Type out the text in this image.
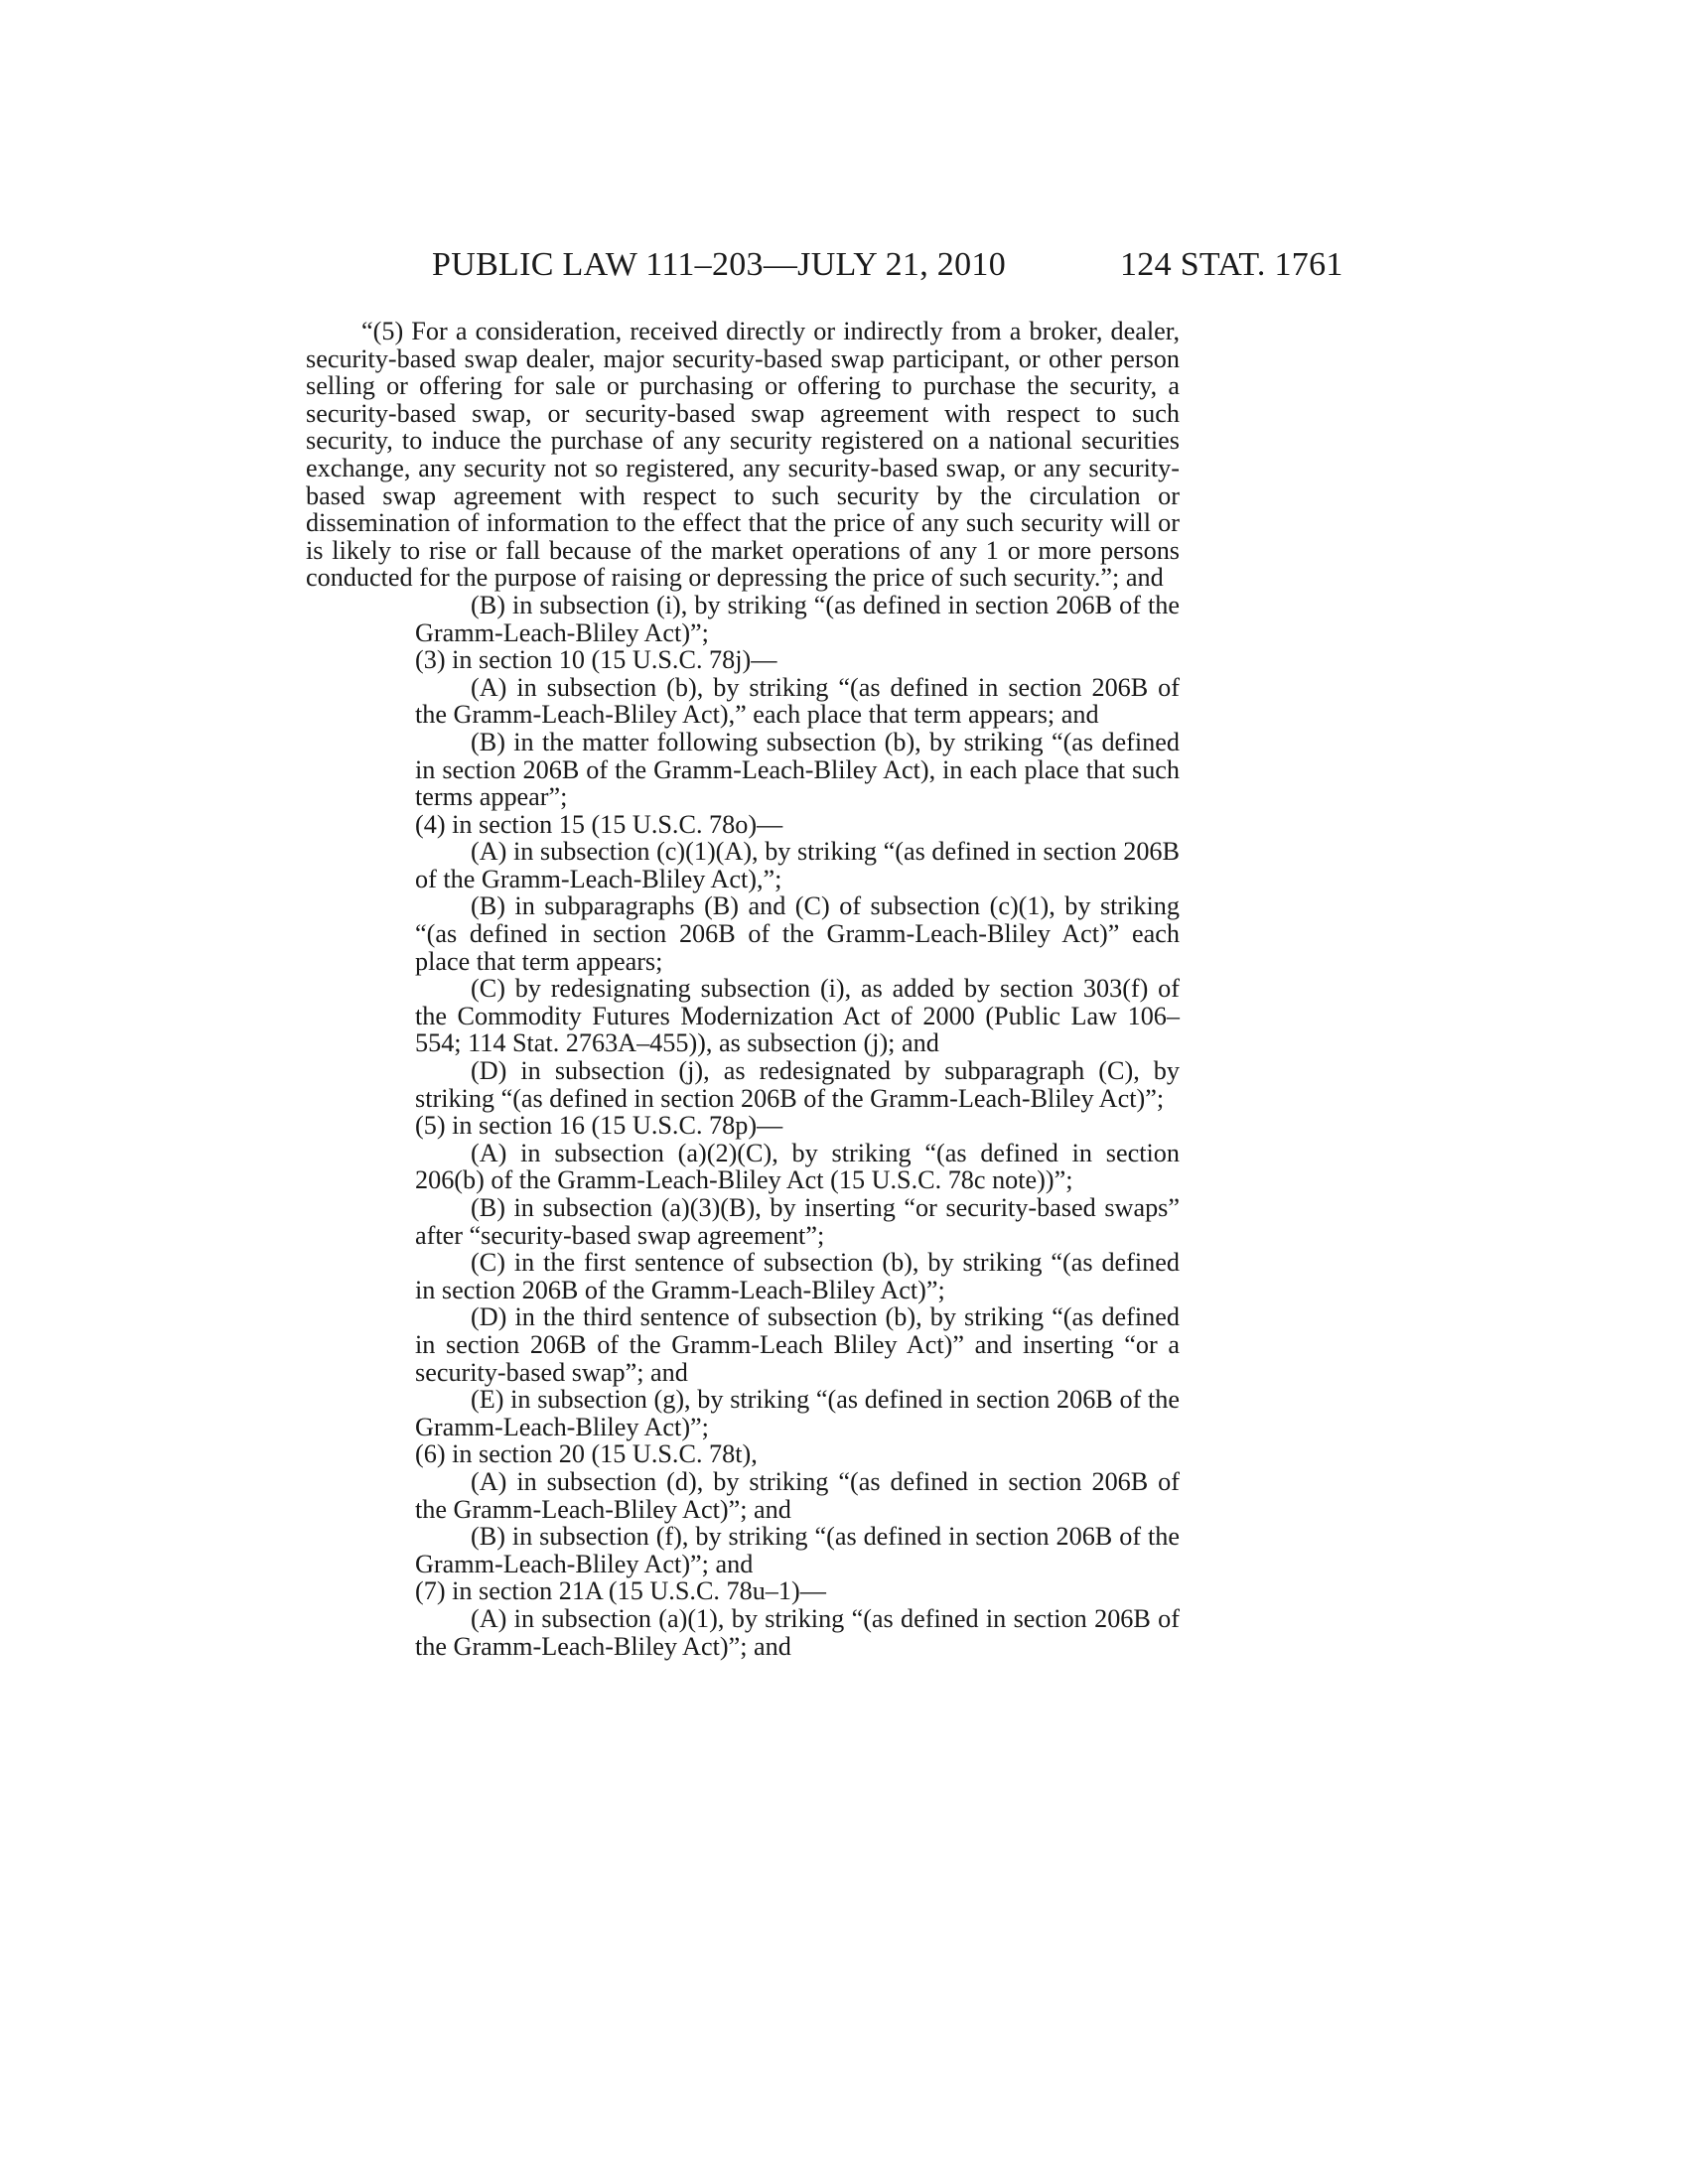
PUBLIC LAW 111–203—JULY 21, 2010	124 STAT. 1761

“(5) For a consideration, received directly or indirectly from a broker, dealer, security-based swap dealer, major security-based swap participant, or other person selling or offering for sale or purchasing or offering to purchase the security, a security-based swap, or security-based swap agreement with respect to such security, to induce the purchase of any security registered on a national securities exchange, any security not so registered, any security-based swap, or any security-based swap agreement with respect to such security by the circulation or dissemination of information to the effect that the price of any such security will or is likely to rise or fall because of the market operations of any 1 or more persons conducted for the purpose of raising or depressing the price of such security.”; and

(B) in subsection (i), by striking “(as defined in section 206B of the Gramm-Leach-Bliley Act)”;

(3) in section 10 (15 U.S.C. 78j)—

(A) in subsection (b), by striking “(as defined in section 206B of the Gramm-Leach-Bliley Act),” each place that term appears; and

(B) in the matter following subsection (b), by striking “(as defined in section 206B of the Gramm-Leach-Bliley Act), in each place that such terms appear”;

(4) in section 15 (15 U.S.C. 78o)—

(A) in subsection (c)(1)(A), by striking “(as defined in section 206B of the Gramm-Leach-Bliley Act),”;

(B) in subparagraphs (B) and (C) of subsection (c)(1), by striking “(as defined in section 206B of the Gramm-Leach-Bliley Act)” each place that term appears;

(C) by redesignating subsection (i), as added by section 303(f) of the Commodity Futures Modernization Act of 2000 (Public Law 106–554; 114 Stat. 2763A–455)), as subsection (j); and

(D) in subsection (j), as redesignated by subparagraph (C), by striking “(as defined in section 206B of the Gramm-Leach-Bliley Act)”;

(5) in section 16 (15 U.S.C. 78p)—

(A) in subsection (a)(2)(C), by striking “(as defined in section 206(b) of the Gramm-Leach-Bliley Act (15 U.S.C. 78c note))”;

(B) in subsection (a)(3)(B), by inserting “or security-based swaps” after “security-based swap agreement”;

(C) in the first sentence of subsection (b), by striking “(as defined in section 206B of the Gramm-Leach-Bliley Act)”;

(D) in the third sentence of subsection (b), by striking “(as defined in section 206B of the Gramm-Leach Bliley Act)” and inserting “or a security-based swap”; and

(E) in subsection (g), by striking “(as defined in section 206B of the Gramm-Leach-Bliley Act)”;

(6) in section 20 (15 U.S.C. 78t),

(A) in subsection (d), by striking “(as defined in section 206B of the Gramm-Leach-Bliley Act)”; and

(B) in subsection (f), by striking “(as defined in section 206B of the Gramm-Leach-Bliley Act)”; and

(7) in section 21A (15 U.S.C. 78u–1)—

(A) in subsection (a)(1), by striking “(as defined in section 206B of the Gramm-Leach-Bliley Act)”; and
